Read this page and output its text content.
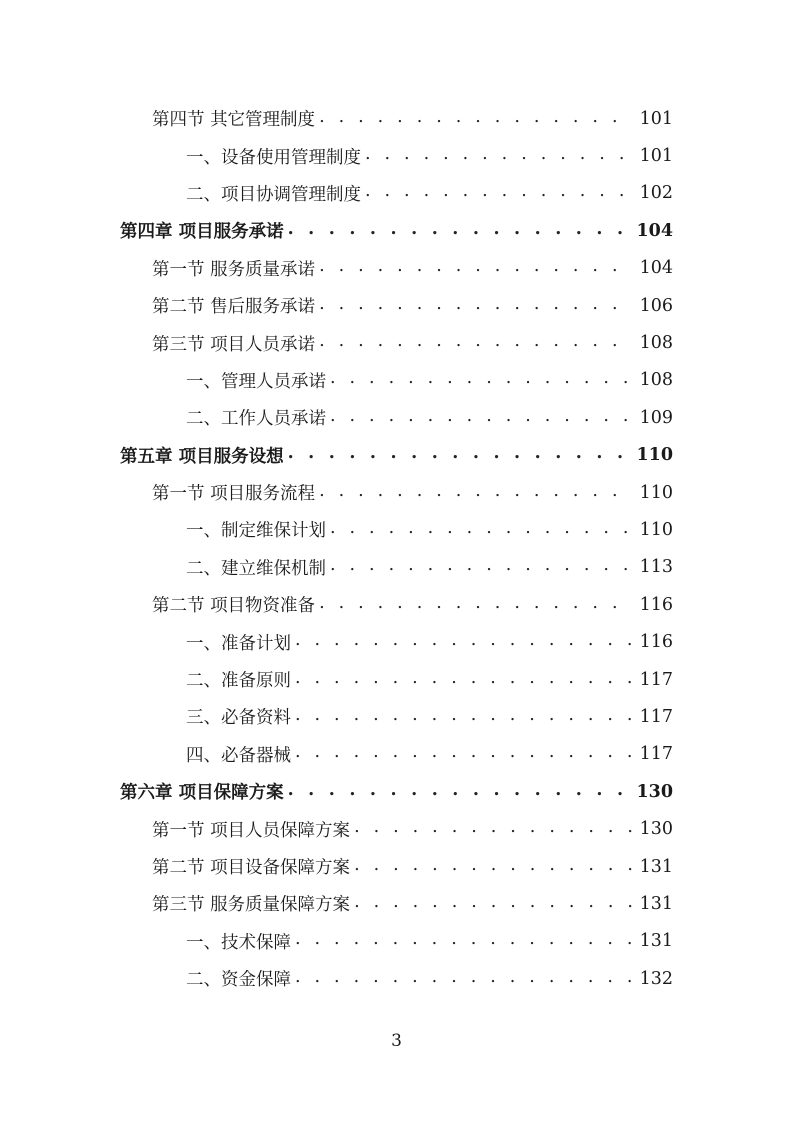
第四节 其它管理制度 . . .	101
一、设备使用管理制度 . . .	101
二、项目协调管理制度 . . .	102
第四章 项目服务承诺 . . .	104
第一节 服务质量承诺 . . .	104
第二节 售后服务承诺 . . .	106
第三节 项目人员承诺 . . .	108
一、管理人员承诺 . . .	108
二、工作人员承诺 . . .	109
第五章 项目服务设想 . . .	110
第一节 项目服务流程 . . .	110
一、制定维保计划 . . .	110
二、建立维保机制 . . .	113
第二节 项目物资准备 . . .	116
一、准备计划 . . .	116
二、准备原则 . . .	117
三、必备资料 . . .	117
四、必备器械 . . .	117
第六章 项目保障方案 . . .	130
第一节 项目人员保障方案 . . .	130
第二节 项目设备保障方案 . . .	131
第三节 服务质量保障方案 . . .	131
一、技术保障 . . .	131
二、资金保障 . . .	132
3
